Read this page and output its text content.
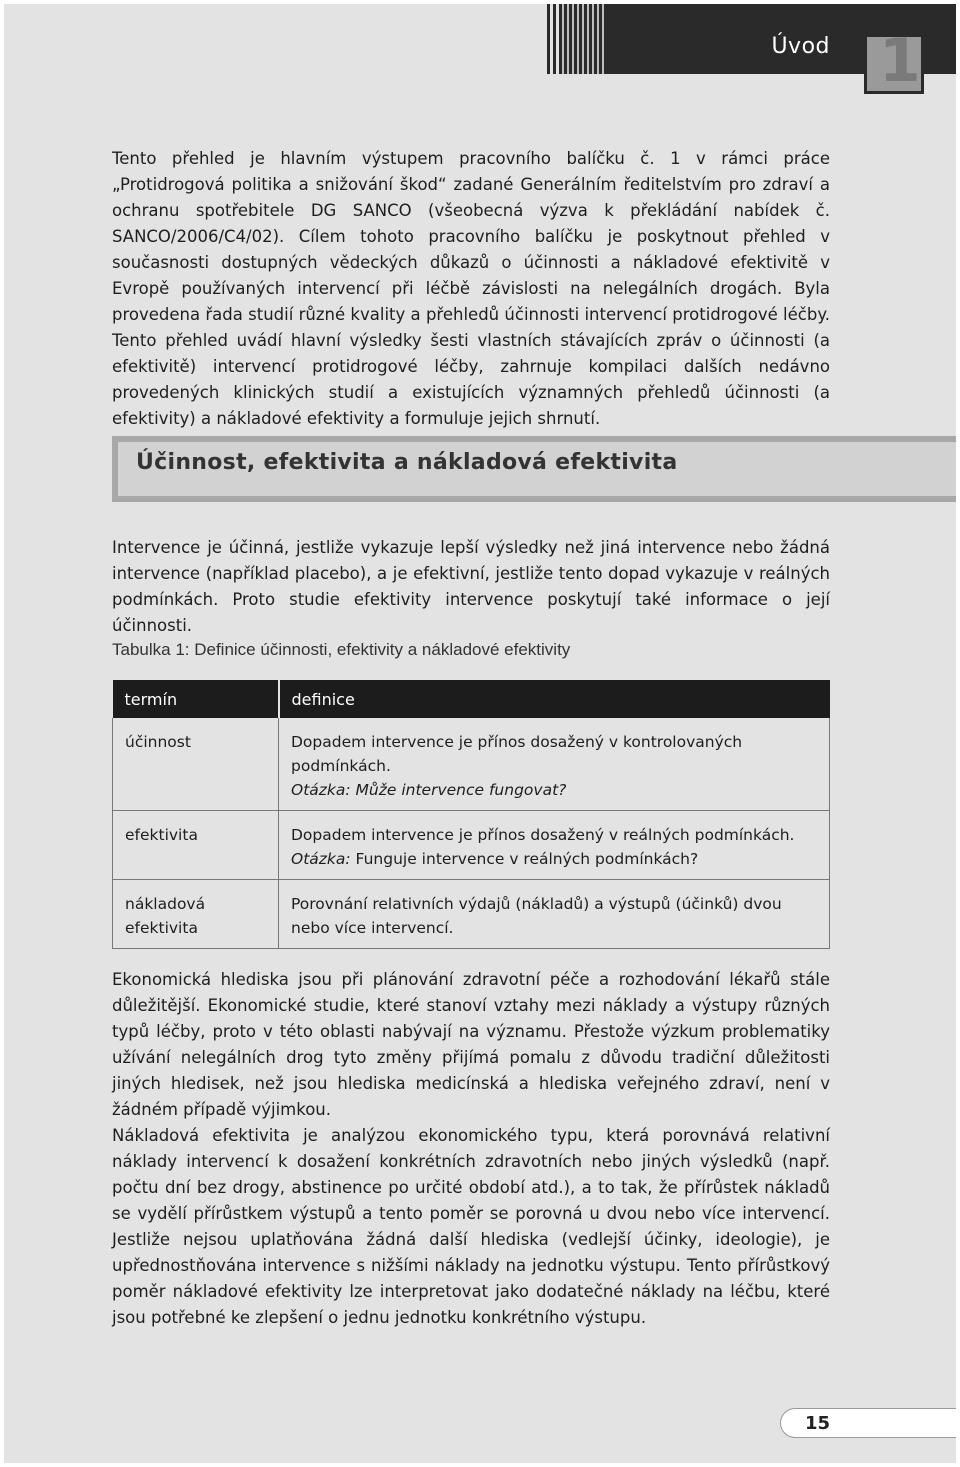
Úvod 1

Tento přehled je hlavním výstupem pracovního balíčku č. 1 v rámci práce „Protidrogová politika a snižování škod“ zadané Generálním ředitelstvím pro zdraví a ochranu spotřebitele DG SANCO (všeobecná výzva k překládání nabídek č. SANCO/2006/C4/02). Cílem tohoto pracovního balíčku je poskytnout přehled v současnosti dostupných vědeckých důkazů o účinnosti a nákladové efektivitě v Evropě používaných intervencí při léčbě závislosti na nelegálních drogách. Byla provedena řada studií různé kvality a přehledů účinnosti intervencí protidrogové léčby. Tento přehled uvádí hlavní výsledky šesti vlastních stávajících zpráv o účinnosti (a efektivitě) intervencí protidrogové léčby, zahrnuje kompilaci dalších nedávno provedených klinických studií a existujících významných přehledů účinnosti (a efektivity) a nákladové efektivity a formuluje jejich shrnutí.

Účinnost, efektivita a nákladová efektivita

Intervence je účinná, jestliže vykazuje lepší výsledky než jiná intervence nebo žádná intervence (například placebo), a je efektivní, jestliže tento dopad vykazuje v reálných podmínkách. Proto studie efektivity intervence poskytují také informace o její účinnosti.

Tabulka 1: Definice účinnosti, efektivity a nákladové efektivity
termín	definice
účinnost	Dopadem intervence je přínos dosažený v kontrolovaných podmínkách.
Otázka: Může intervence fungovat?
efektivita	Dopadem intervence je přínos dosažený v reálných podmínkách.
Otázka: Funguje intervence v reálných podmínkách?
nákladová efektivita	Porovnání relativních výdajů (nákladů) a výstupů (účinků) dvou nebo více intervencí.

Ekonomická hlediska jsou při plánování zdravotní péče a rozhodování lékařů stále důležitější. Ekonomické studie, které stanoví vztahy mezi náklady a výstupy různých typů léčby, proto v této oblasti nabývají na významu. Přestože výzkum problematiky užívání nelegálních drog tyto změny přijímá pomalu z důvodu tradiční důležitosti jiných hledisek, než jsou hlediska medicínská a hlediska veřejného zdraví, není v žádném případě výjimkou.

Nákladová efektivita je analýzou ekonomického typu, která porovnává relativní náklady intervencí k dosažení konkrétních zdravotních nebo jiných výsledků (např. počtu dní bez drogy, abstinence po určité období atd.), a to tak, že přírůstek nákladů se vydělí přírůstkem výstupů a tento poměr se porovná u dvou nebo více intervencí. Jestliže nejsou uplatňována žádná další hlediska (vedlejší účinky, ideologie), je upřednostňována intervence s nižšími náklady na jednotku výstupu. Tento přírůstkový poměr nákladové efektivity lze interpretovat jako dodatečné náklady na léčbu, které jsou potřebné ke zlepšení o jednu jednotku konkrétního výstupu.

15
